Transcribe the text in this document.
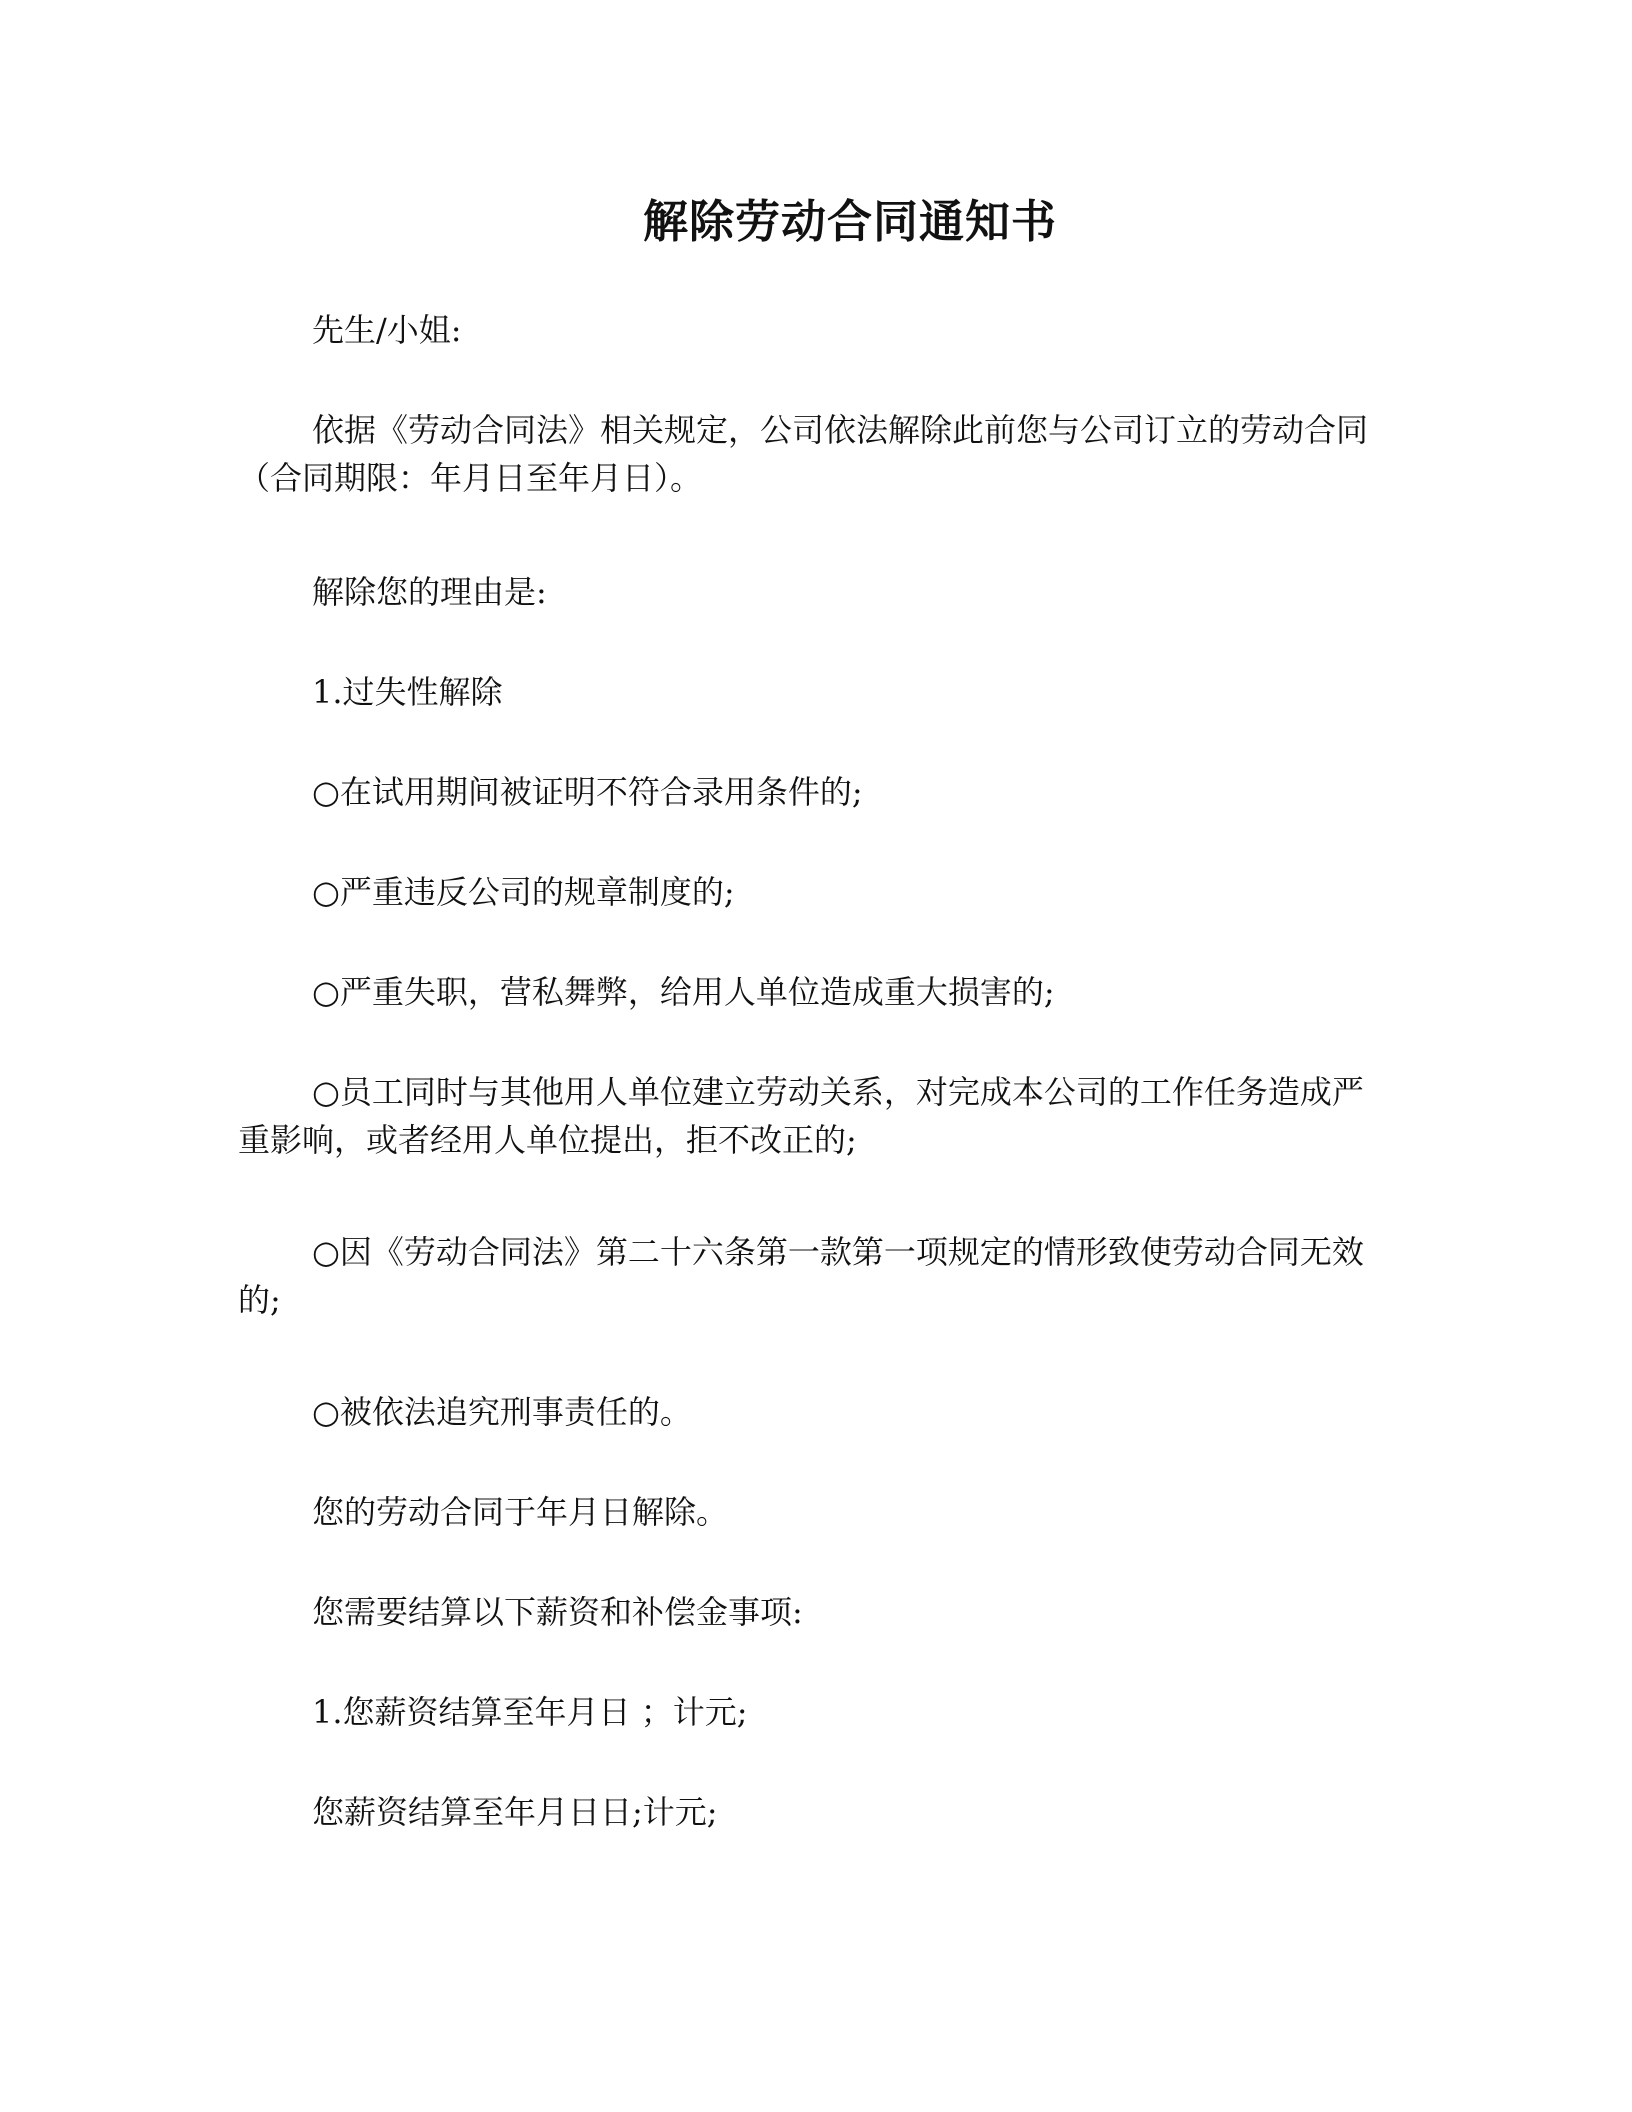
解除劳动合同通知书

先生/小姐:

依据《劳动合同法》相关规定，公司依法解除此前您与公司订立的劳动合同（合同期限：年月日至年月日）。

解除您的理由是:

1.过失性解除

○在试用期间被证明不符合录用条件的;

○严重违反公司的规章制度的;

○严重失职，营私舞弊，给用人单位造成重大损害的;

○员工同时与其他用人单位建立劳动关系，对完成本公司的工作任务造成严重影响，或者经用人单位提出，拒不改正的;

○因《劳动合同法》第二十六条第一款第一项规定的情形致使劳动合同无效的;

○被依法追究刑事责任的。

您的劳动合同于年月日解除。

您需要结算以下薪资和补偿金事项:

1.您薪资结算至年月日 ；计元;

您薪资结算至年月日日;计元;
